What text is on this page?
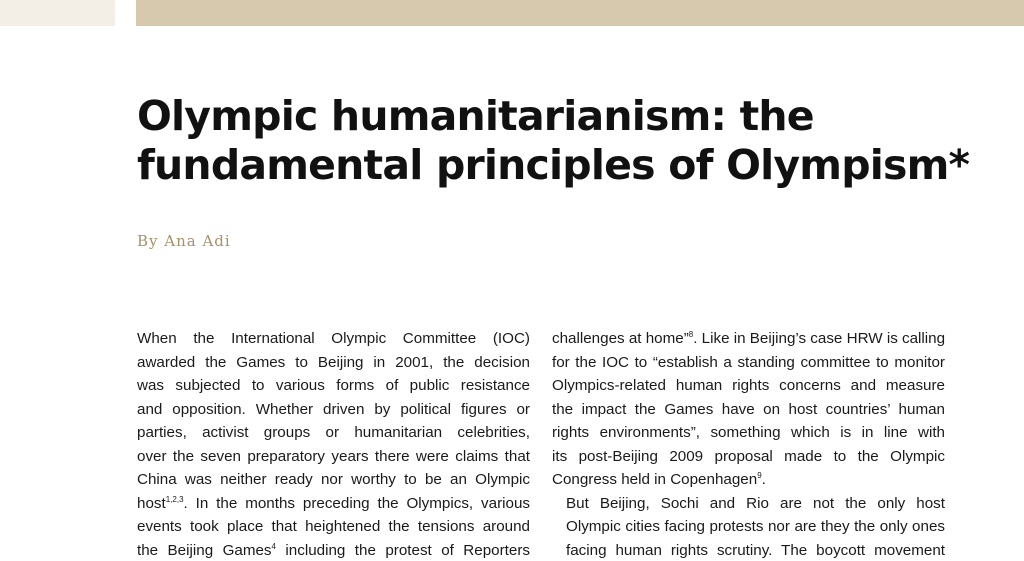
Olympic humanitarianism: the
fundamental principles of Olympism*
By Ana Adi

When the International Olympic Committee (IOC)
awarded the Games to Beijing in 2001, the decision
was subjected to various forms of public resistance
and opposition. Whether driven by political figures or
parties, activist groups or humanitarian celebrities,
over the seven preparatory years there were claims that
China was neither ready nor worthy to be an Olympic
host$^{1,2,3}$. In the months preceding the Olympics, various
events took place that heightened the tensions around
the Beijing Games$^4$ including the protest of Reporters

challenges at home”$^8$. Like in Beijing’s case HRW is calling
for the IOC to “establish a standing committee to monitor
Olympics-related human rights concerns and measure
the impact the Games have on host countries’ human
rights environments”, something which is in line with
its post-Beijing 2009 proposal made to the Olympic
Congress held in Copenhagen$^9$.

But Beijing, Sochi and Rio are not the only host
Olympic cities facing protests nor are they the only ones
facing human rights scrutiny. The boycott movement
